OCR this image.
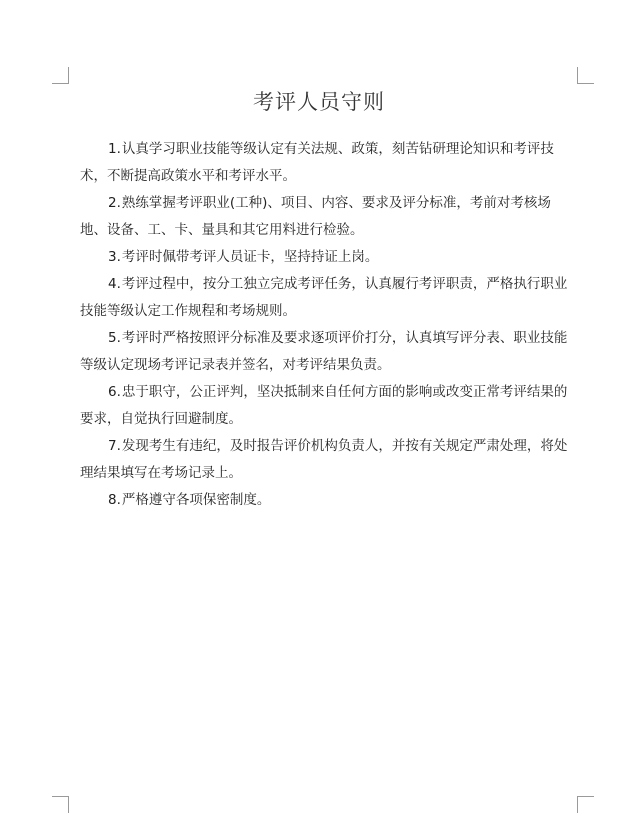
考评人员守则

1.认真学习职业技能等级认定有关法规、政策，刻苦钻研理论知识和考评技术，不断提高政策水平和考评水平。

2.熟练掌握考评职业(工种)、项目、内容、要求及评分标准，考前对考核场地、设备、工、卡、量具和其它用料进行检验。

3.考评时佩带考评人员证卡，坚持持证上岗。

4.考评过程中，按分工独立完成考评任务，认真履行考评职责，严格执行职业技能等级认定工作规程和考场规则。

5.考评时严格按照评分标准及要求逐项评价打分，认真填写评分表、职业技能等级认定现场考评记录表并签名，对考评结果负责。

6.忠于职守，公正评判，坚决抵制来自任何方面的影响或改变正常考评结果的要求，自觉执行回避制度。

7.发现考生有违纪，及时报告评价机构负责人，并按有关规定严肃处理，将处理结果填写在考场记录上。

8.严格遵守各项保密制度。
